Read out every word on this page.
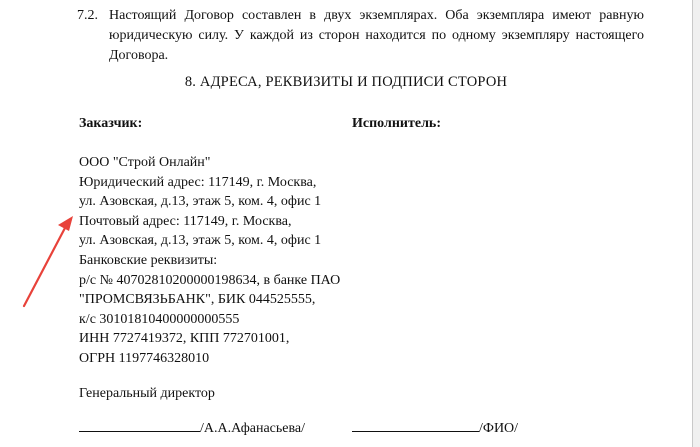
7.2. Настоящий Договор составлен в двух экземплярах. Оба экземпляра имеют равную юридическую силу. У каждой из сторон находится по одному экземпляру настоящего Договора.
8. АДРЕСА, РЕКВИЗИТЫ И ПОДПИСИ СТОРОН
Заказчик:	Исполнитель:
ООО "Строй Онлайн"
Юридический адрес: 117149, г. Москва,
ул. Азовская, д.13, этаж 5, ком. 4, офис 1
Почтовый адрес: 117149, г. Москва,
ул. Азовская, д.13, этаж 5, ком. 4, офис 1
Банковские реквизиты:
р/с № 40702810200000198634, в банке ПАО
"ПРОМСВЯЗЬБАНК", БИК 044525555,
к/с 30101810400000000555
ИНН 7727419372, КПП 772701001,
ОГРН 1197746328010
Генеральный директор
/А.А.Афанасьева/	/ФИО/
